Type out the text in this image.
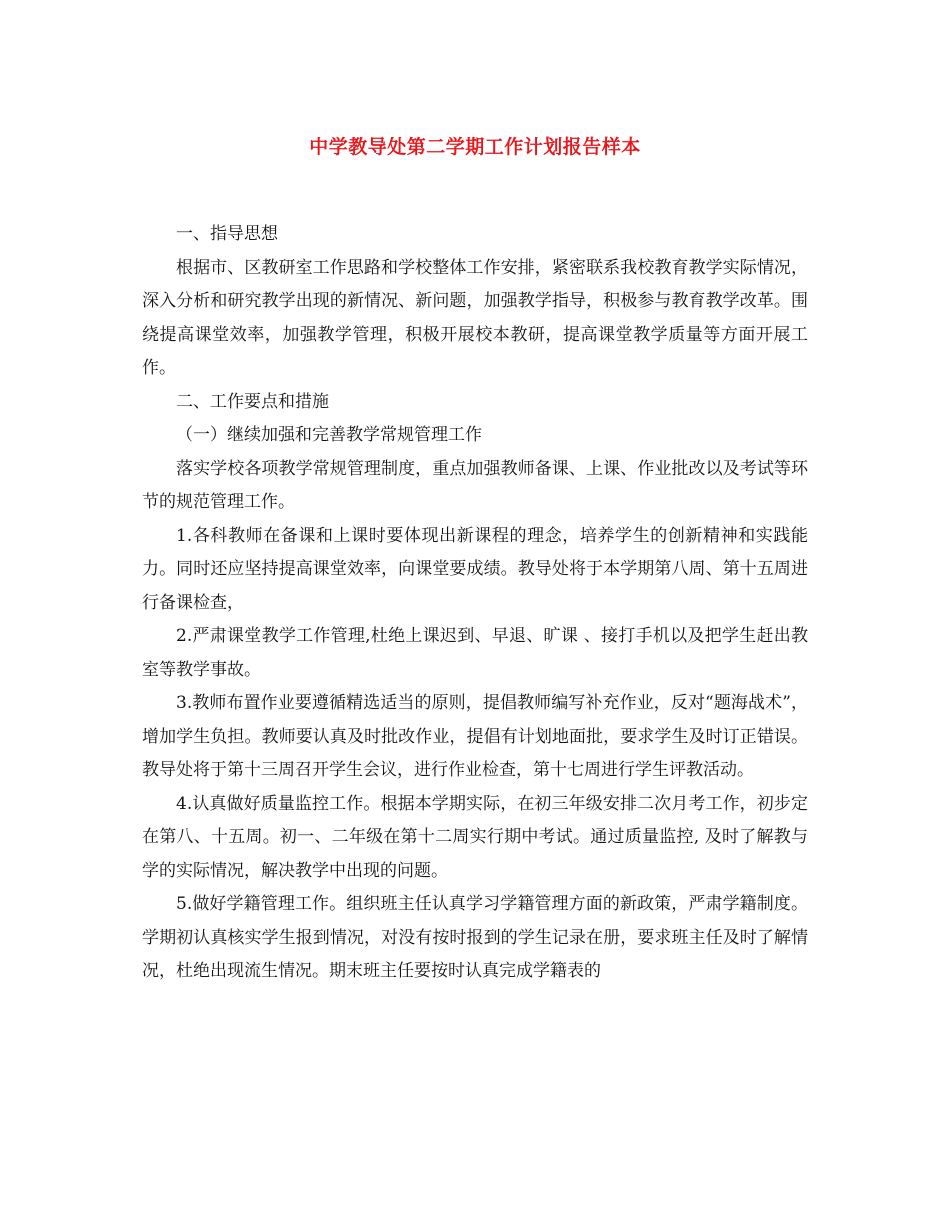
中学教导处第二学期工作计划报告样本

一、指导思想

根据市、区教研室工作思路和学校整体工作安排，紧密联系我校教育教学实际情况，深入分析和研究教学出现的新情况、新问题，加强教学指导，积极参与教育教学改革。围绕提高课堂效率，加强教学管理，积极开展校本教研，提高课堂教学质量等方面开展工作。

二、工作要点和措施

（一）继续加强和完善教学常规管理工作

落实学校各项教学常规管理制度，重点加强教师备课、上课、作业批改以及考试等环节的规范管理工作。

1.各科教师在备课和上课时要体现出新课程的理念，培养学生的创新精神和实践能力。同时还应坚持提高课堂效率，向课堂要成绩。教导处将于本学期第八周、第十五周进行备课检查，

2.严肃课堂教学工作管理,杜绝上课迟到、早退、旷课 、接打手机以及把学生赶出教室等教学事故。

3.教师布置作业要遵循精选适当的原则，提倡教师编写补充作业，反对“题海战术”，增加学生负担。教师要认真及时批改作业，提倡有计划地面批，要求学生及时订正错误。教导处将于第十三周召开学生会议，进行作业检查，第十七周进行学生评教活动。

4.认真做好质量监控工作。根据本学期实际，在初三年级安排二次月考工作，初步定在第八、十五周。初一、二年级在第十二周实行期中考试。通过质量监控, 及时了解教与学的实际情况，解决教学中出现的问题。

5.做好学籍管理工作。组织班主任认真学习学籍管理方面的新政策，严肃学籍制度。学期初认真核实学生报到情况，对没有按时报到的学生记录在册，要求班主任及时了解情况，杜绝出现流生情况。期末班主任要按时认真完成学籍表的
